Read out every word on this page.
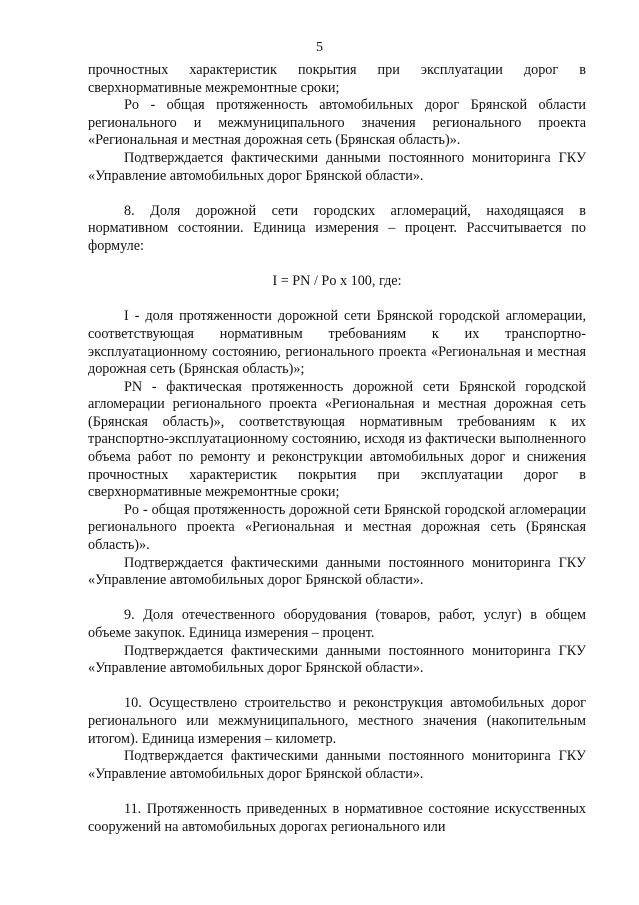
5

прочностных характеристик покрытия при эксплуатации дорог в сверхнормативные межремонтные сроки;

Po - общая протяженность автомобильных дорог Брянской области регионального и межмуниципального значения регионального проекта «Региональная и местная дорожная сеть (Брянская область)».

Подтверждается фактическими данными постоянного мониторинга ГКУ «Управление автомобильных дорог Брянской области».

8. Доля дорожной сети городских агломераций, находящаяся в нормативном состоянии. Единица измерения – процент. Рассчитывается по формуле:

I = PN / Po x 100, где:

I - доля протяженности дорожной сети Брянской городской агломерации, соответствующая нормативным требованиям к их транспортно-эксплуатационному состоянию, регионального проекта «Региональная и местная дорожная сеть (Брянская область)»;

PN - фактическая протяженность дорожной сети Брянской городской агломерации регионального проекта «Региональная и местная дорожная сеть (Брянская область)», соответствующая нормативным требованиям к их транспортно-эксплуатационному состоянию, исходя из фактически выполненного объема работ по ремонту и реконструкции автомобильных дорог и снижения прочностных характеристик покрытия при эксплуатации дорог в сверхнормативные межремонтные сроки;

Po - общая протяженность дорожной сети Брянской городской агломерации регионального проекта «Региональная и местная дорожная сеть (Брянская область)».

Подтверждается фактическими данными постоянного мониторинга ГКУ «Управление автомобильных дорог Брянской области».

9. Доля отечественного оборудования (товаров, работ, услуг) в общем объеме закупок. Единица измерения – процент.

Подтверждается фактическими данными постоянного мониторинга ГКУ «Управление автомобильных дорог Брянской области».

10. Осуществлено строительство и реконструкция автомобильных дорог регионального или межмуниципального, местного значения (накопительным итогом). Единица измерения – километр.

Подтверждается фактическими данными постоянного мониторинга ГКУ «Управление автомобильных дорог Брянской области».

11. Протяженность приведенных в нормативное состояние искусственных сооружений на автомобильных дорогах регионального или
